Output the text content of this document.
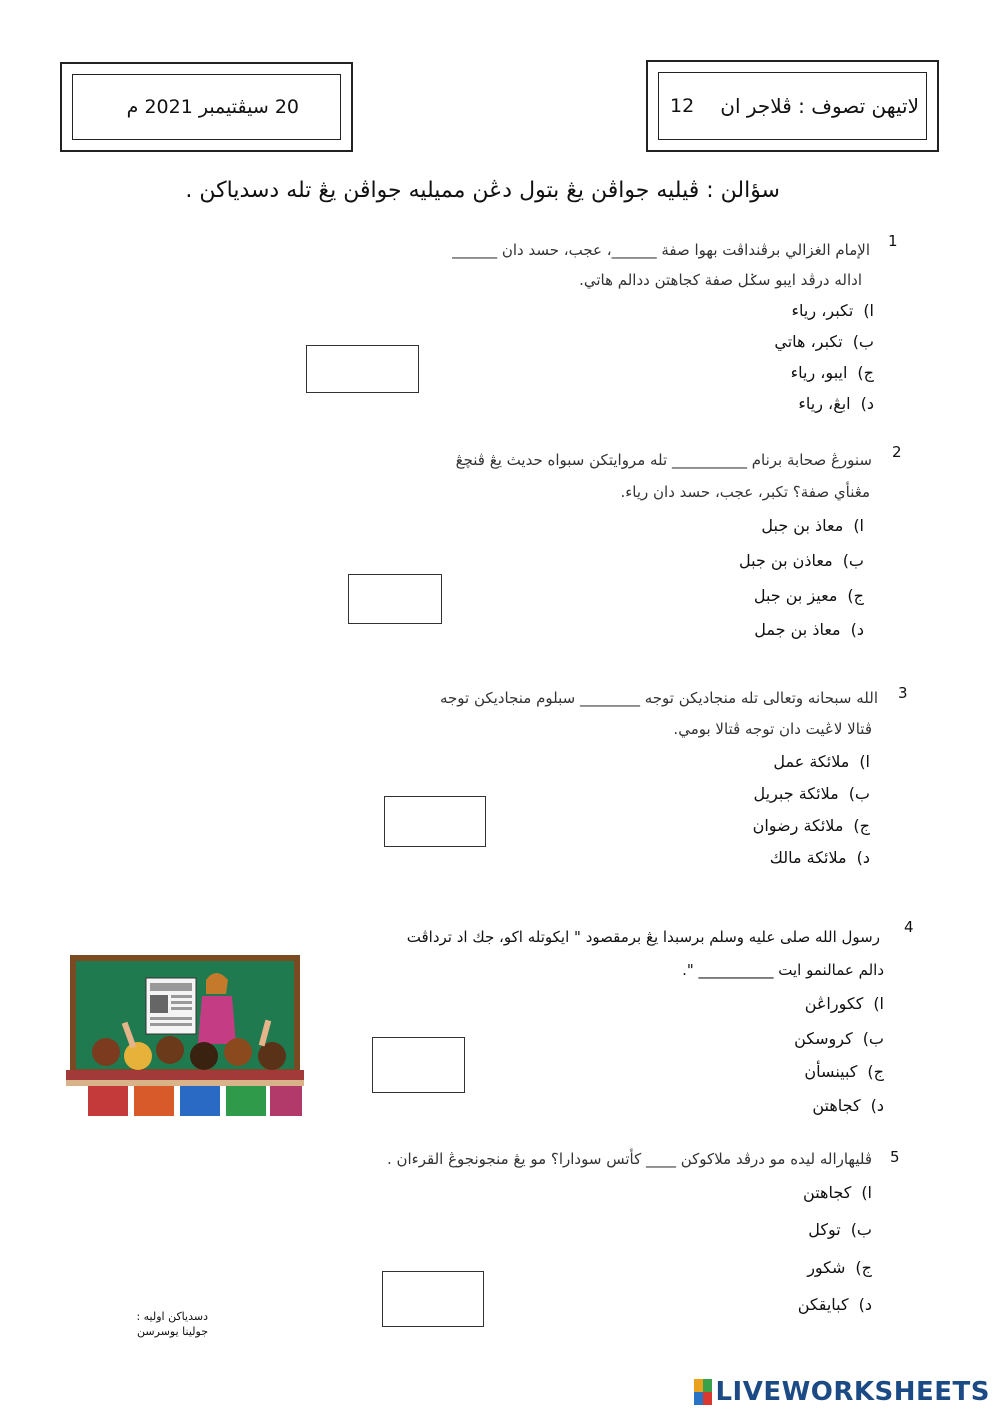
20 سيڤتيمبر 2021 م	12 لاتيهن تصوف : ڤلاجر ان
سؤالن : ڤيليه جواڤن يڠ بتول دڠن مميليه جواڤن يڠ تله دسدياكن .
1
الإمام الغزالي برڤنداڤت بهوا صفة ______، عجب، حسد دان ______
اداله درڤد ايبو سݢل صفة كجاهتن ددالم هاتي.
ا)تكبر، رياء
ب)تكبر، هاتي
ج)ايبو، رياء
د)ابڠ، رياء
2
سنورڠ صحابة برنام __________ تله مروايتكن سبواه حديث يڠ ڤنچڠ
مڠنأي صفة؟ تكبر، عجب، حسد دان رياء.
ا)معاذ بن جبل
ب)معاذن بن جبل
ج)معيز بن جبل
د)معاذ بن جمل
3
الله سبحانه وتعالى تله منجاديكن توجه ________ سبلوم منجاديكن توجه
ڤتالا لاڠيت دان توجه ڤتالا بومي.
ا)ملائكة عمل
ب)ملائكة جبريل
ج)ملائكة رضوان
د)ملائكة مالك
4
رسول الله صلى عليه وسلم برسبدا يڠ برمقصود " ايكوتله اكو، جك اد ترداڤت
دالم عمالنمو ايت __________ ".
ا)ككوراڠن
ب)كروسكن
ج)كبينسأن
د)كجاهتن
5
ڤليهاراله ليده مو درڤد ملاكوكن ____ كأتس سودارا؟ مو يڠ منجونجوڠ القرءان .
ا)كجاهتن
ب)توكل
ج)شكور
د)كبايقكن
دسدياكن اوليه :
جولينا يوسرسن
LIVEWORKSHEETS
